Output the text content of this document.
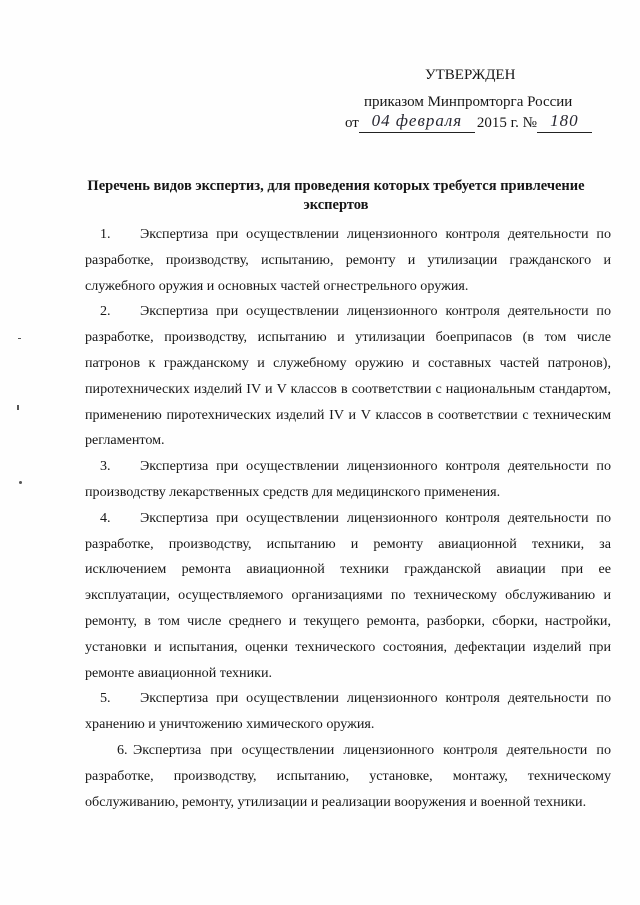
УТВЕРЖДЕН
приказом Минпромторга России
от 04 февраля 2015 г. № 180
Перечень видов экспертиз, для проведения которых требуется привлечение
экспертов
1.	Экспертиза при осуществлении лицензионного контроля деятельности по
разработке, производству, испытанию, ремонту и утилизации гражданского и
служебного оружия и основных частей огнестрельного оружия.
2.	Экспертиза при осуществлении лицензионного контроля деятельности по
разработке, производству, испытанию и утилизации боеприпасов (в том числе
патронов к гражданскому и служебному оружию и составных частей патронов),
пиротехнических изделий IV и V классов в соответствии с национальным стандартом,
применению пиротехнических изделий IV и V классов в соответствии с техническим
регламентом.
3.	Экспертиза при осуществлении лицензионного контроля деятельности по
производству лекарственных средств для медицинского применения.
4.	Экспертиза при осуществлении лицензионного контроля деятельности по
разработке, производству, испытанию и ремонту авиационной техники, за
исключением ремонта авиационной техники гражданской авиации при ее
эксплуатации, осуществляемого организациями по техническому обслуживанию и
ремонту, в том числе среднего и текущего ремонта, разборки, сборки, настройки,
установки и испытания, оценки технического состояния, дефектации изделий при
ремонте авиационной техники.
5.	Экспертиза при осуществлении лицензионного контроля деятельности по
хранению и уничтожению химического оружия.
6. Экспертиза при осуществлении лицензионного контроля деятельности по
разработке, производству, испытанию, установке, монтажу, техническому
обслуживанию, ремонту, утилизации и реализации вооружения и военной техники.
